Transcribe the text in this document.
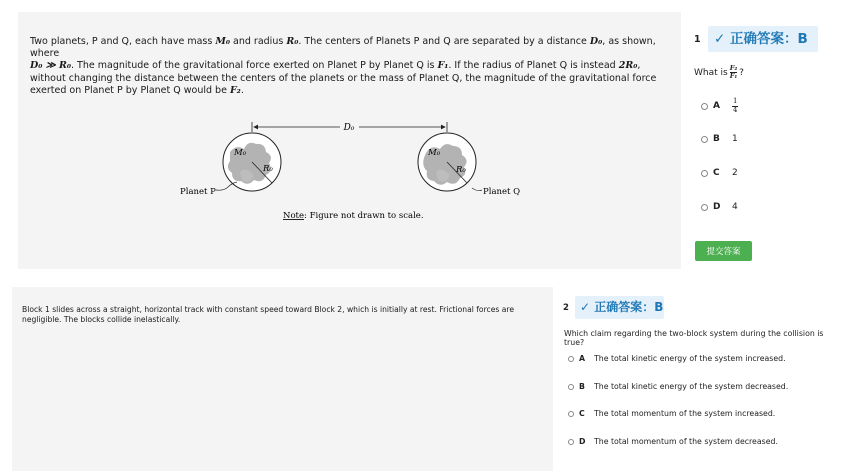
Two planets, P and Q, each have mass M₀ and radius R₀. The centers of Planets P and Q are separated by a distance D₀, as shown, where
D₀ ≫ R₀. The magnitude of the gravitational force exerted on Planet P by Planet Q is F₁. If the radius of Planet Q is instead 2R₀, without changing the distance between the centers of the planets or the mass of Planet Q, the magnitude of the gravitational force exerted on Planet P by Planet Q would be F₂.
D₀
M₀
R₀
Planet P
M₀
R₀
Planet Q
Note: Figure not drawn to scale.
1 ✓ 正确答案：B
What is $\frac{\text{F₂}}{\text{F₁}}$ ?
A	$\frac{1}{4}$
B	1
C	2
D	4
提交答案
Block 1 slides across a straight, horizontal track with constant speed toward Block 2, which is initially at rest. Frictional forces are negligible. The blocks collide inelastically.
2 ✓ 正确答案：B
Which claim regarding the two-block system during the collision is true?
A	The total kinetic energy of the system increased.
B	The total kinetic energy of the system decreased.
C	The total momentum of the system increased.
D	The total momentum of the system decreased.
